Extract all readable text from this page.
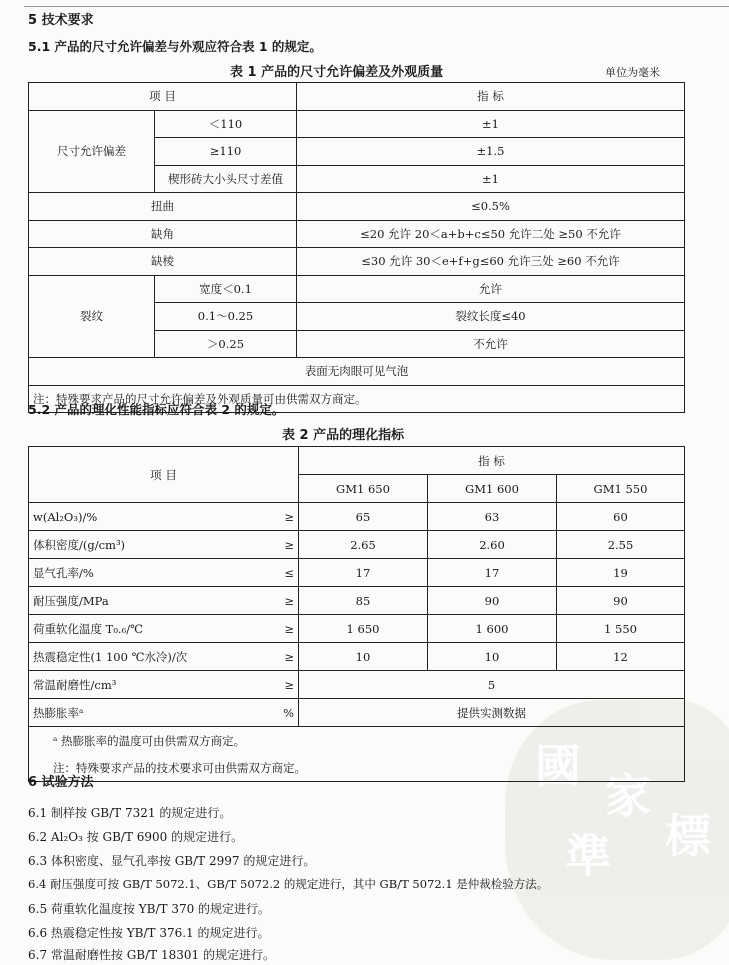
國
家
標
準
5 技术要求
5.1 产品的尺寸允许偏差与外观应符合表 1 的规定。
表 1 产品的尺寸允许偏差及外观质量	单位为毫米
项 目		指 标
尺寸允许偏差	＜110	±1
	≥110	±1.5
	楔形砖大小头尺寸差值	±1
扭曲		≤0.5%
缺角		≤20 允许 20＜a+b+c≤50 允许二处 ≥50 不允许
缺棱		≤30 允许 30＜e+f+g≤60 允许三处 ≥60 不允许
裂纹	宽度＜0.1	允许
	0.1～0.25	裂纹长度≤40
	＞0.25	不允许
表面无肉眼可见气泡		
注：特殊要求产品的尺寸允许偏差及外观质量可由供需双方商定。		
5.2 产品的理化性能指标应符合表 2 的规定。
表 2 产品的理化指标
项 目		指 标		
		GM1 650	GM1 600	GM1 550
w(Al₂O₃)/%	≥	65	63	60
体积密度/(g/cm³)	≥	2.65	2.60	2.55
显气孔率/%	≤	17	17	19
耐压强度/MPa	≥	85	90	90
荷重软化温度 T₀.₆/℃	≥	1 650	1 600	1 550
热震稳定性(1 100 ℃水冷)/次	≥	10	10	12
常温耐磨性/cm³	≥	5		
热膨胀率ᵃ	%	提供实测数据		
ᵃ 热膨胀率的温度可由供需双方商定。				
注：特殊要求产品的技术要求可由供需双方商定。				
6 试验方法
6.1 制样按 GB/T 7321 的规定进行。
6.2 Al₂O₃ 按 GB/T 6900 的规定进行。
6.3 体积密度、显气孔率按 GB/T 2997 的规定进行。
6.4 耐压强度可按 GB/T 5072.1、GB/T 5072.2 的规定进行，其中 GB/T 5072.1 是仲裁检验方法。
6.5 荷重软化温度按 YB/T 370 的规定进行。
6.6 热震稳定性按 YB/T 376.1 的规定进行。
6.7 常温耐磨性按 GB/T 18301 的规定进行。
